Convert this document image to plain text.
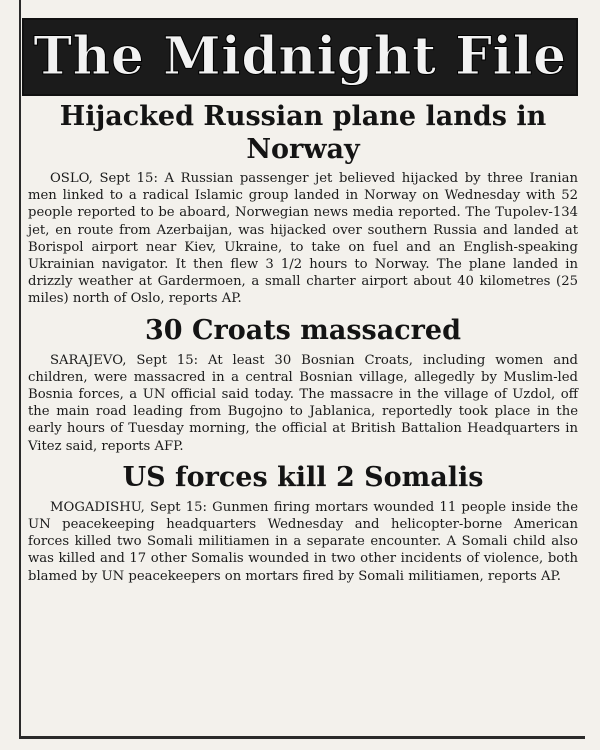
The Midnight File
Hijacked Russian plane lands in Norway

OSLO, Sept 15: A Russian passenger jet believed hijacked by three Iranian men linked to a radical Islamic group landed in Norway on Wednesday with 52 people reported to be aboard, Norwegian news media reported. The Tupolev-134 jet, en route from Azerbaijan, was hijacked over southern Russia and landed at Borispol airport near Kiev, Ukraine, to take on fuel and an English-speaking Ukrainian navigator. It then flew 3 1/2 hours to Norway. The plane landed in drizzly weather at Gardermoen, a small charter airport about 40 kilometres (25 miles) north of Oslo, reports AP.

30 Croats massacred

SARAJEVO, Sept 15: At least 30 Bosnian Croats, including women and children, were massacred in a central Bosnian village, allegedly by Muslim-led Bosnia forces, a UN official said today. The massacre in the village of Uzdol, off the main road leading from Bugojno to Jablanica, reportedly took place in the early hours of Tuesday morning, the official at British Battalion Headquarters in Vitez said, reports AFP.

US forces kill 2 Somalis

MOGADISHU, Sept 15: Gunmen firing mortars wounded 11 people inside the UN peacekeeping headquarters Wednesday and helicopter-borne American forces killed two Somali militiamen in a separate encounter. A Somali child also was killed and 17 other Somalis wounded in two other incidents of violence, both blamed by UN peacekeepers on mortars fired by Somali militiamen, reports AP.
